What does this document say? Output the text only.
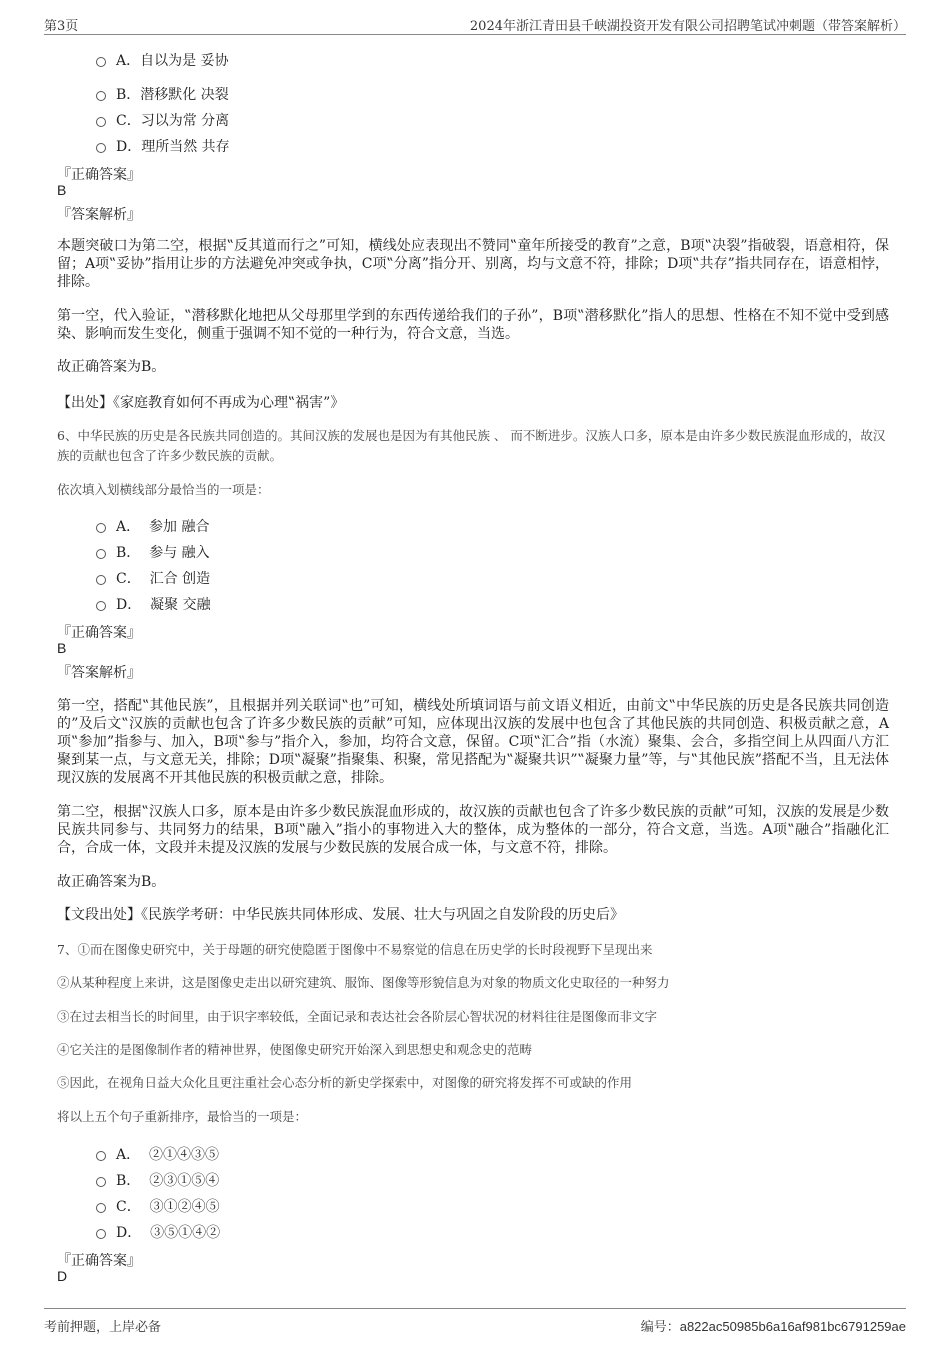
第3页	2024年浙江青田县千峡湖投资开发有限公司招聘笔试冲刺题（带答案解析）
A．自以为是 妥协
B．潜移默化 决裂
C．习以为常 分离
D．理所当然 共存
『正确答案』
B
『答案解析』
本题突破口为第二空，根据‟反其道而行之”可知，横线处应表现出不赞同‟童年所接受的教育”之意，B项‟决裂”指破裂，语意相符，保留；A项‟妥协”指用让步的方法避免冲突或争执，C项‟分离”指分开、别离，均与文意不符，排除；D项‟共存”指共同存在，语意相悖，排除。
第一空，代入验证，‟潜移默化地把从父母那里学到的东西传递给我们的子孙”，B项‟潜移默化”指人的思想、性格在不知不觉中受到感染、影响而发生变化，侧重于强调不知不觉的一种行为，符合文意，当选。
故正确答案为B。
【出处】《家庭教育如何不再成为心理‟祸害”》
6、中华民族的历史是各民族共同创造的。其间汉族的发展也是因为有其他民族 、 而不断进步。汉族人口多，原本是由许多少数民族混血形成的，故汉族的贡献也包含了许多少数民族的贡献。
依次填入划横线部分最恰当的一项是：
A． 参加 融合
B． 参与 融入
C． 汇合 创造
D． 凝聚 交融
『正确答案』
B
『答案解析』
第一空，搭配‟其他民族”，且根据并列关联词‟也”可知，横线处所填词语与前文语义相近，由前文‟中华民族的历史是各民族共同创造的”及后文‟汉族的贡献也包含了许多少数民族的贡献”可知，应体现出汉族的发展中也包含了其他民族的共同创造、积极贡献之意，A项‟参加”指参与、加入，B项‟参与”指介入，参加，均符合文意，保留。C项‟汇合”指（水流）聚集、会合，多指空间上从四面八方汇聚到某一点，与文意无关，排除；D项‟凝聚”指聚集、积聚，常见搭配为‟凝聚共识”‟凝聚力量”等，与‟其他民族”搭配不当，且无法体现汉族的发展离不开其他民族的积极贡献之意，排除。
第二空，根据‟汉族人口多，原本是由许多少数民族混血形成的，故汉族的贡献也包含了许多少数民族的贡献”可知，汉族的发展是少数民族共同参与、共同努力的结果，B项‟融入”指小的事物进入大的整体，成为整体的一部分，符合文意，当选。A项‟融合”指融化汇合，合成一体，文段并未提及汉族的发展与少数民族的发展合成一体，与文意不符，排除。
故正确答案为B。
【文段出处】《民族学考研：中华民族共同体形成、发展、壮大与巩固之自发阶段的历史后》
7、①而在图像史研究中，关于母题的研究使隐匿于图像中不易察觉的信息在历史学的长时段视野下呈现出来
②从某种程度上来讲，这是图像史走出以研究建筑、服饰、图像等形貌信息为对象的物质文化史取径的一种努力
③在过去相当长的时间里，由于识字率较低，全面记录和表达社会各阶层心智状况的材料往往是图像而非文字
④它关注的是图像制作者的精神世界，使图像史研究开始深入到思想史和观念史的范畴
⑤因此，在视角日益大众化且更注重社会心态分析的新史学探索中，对图像的研究将发挥不可或缺的作用
将以上五个句子重新排序，最恰当的一项是：
A． ②①④③⑤
B． ②③①⑤④
C． ③①②④⑤
D． ③⑤①④②
『正确答案』
D
考前押题，上岸必备	编号：a822ac50985b6a16af981bc6791259ae
